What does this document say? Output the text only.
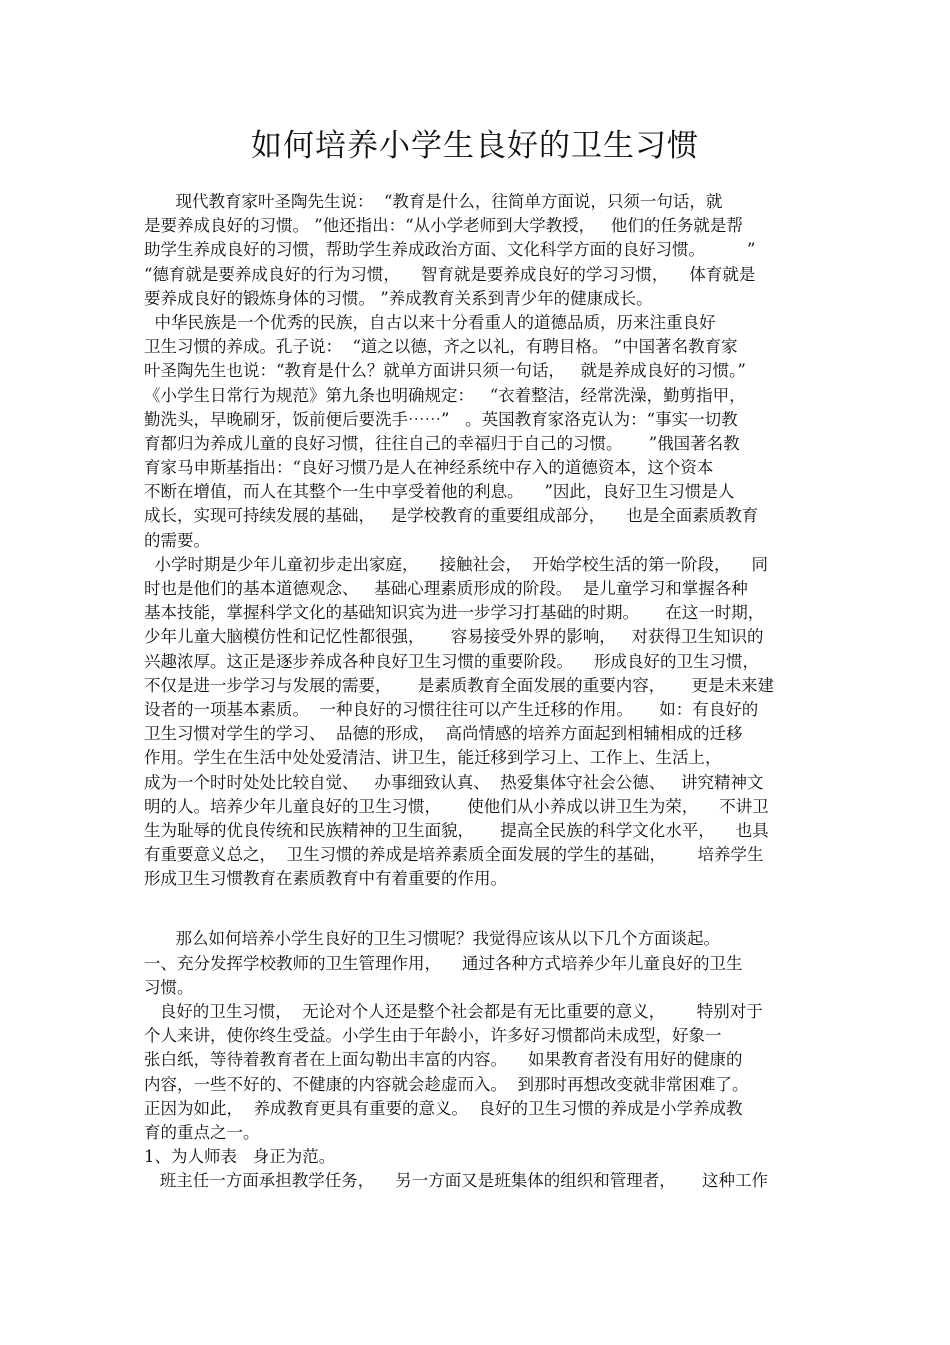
如何培养小学生良好的卫生习惯
现代教育家叶圣陶先生说：  “教育是什么，往简单方面说，只须一句话，就
是要养成良好的习惯。 ”他还指出：“从小学老师到大学教授，   他们的任务就是帮
助学生养成良好的习惯，帮助学生养成政治方面、文化科学方面的良好习惯。        ”
“德育就是要养成良好的行为习惯，    智育就是要养成良好的学习习惯，    体育就是
要养成良好的锻炼身体的习惯。 ”养成教育关系到青少年的健康成长。
中华民族是一个优秀的民族，自古以来十分看重人的道德品质，历来注重良好
卫生习惯的养成。孔子说：  “道之以德，齐之以礼，有聘目格。 ”中国著名教育家
叶圣陶先生也说：“教育是什么？就单方面讲只须一句话，   就是养成良好的习惯。”
《小学生日常行为规范》第九条也明确规定：   “衣着整洁，经常洗澡，勤剪指甲，
勤洗头，早晚刷牙，饭前便后要洗手⋯⋯”   。英国教育家洛克认为：“事实一切教
育都归为养成儿童的良好习惯，往往自己的幸福归于自己的习惯。     ”俄国著名教
育家马申斯基指出：“良好习惯乃是人在神经系统中存入的道德资本，这个资本
不断在增值，而人在其整个一生中享受着他的利息。    ”因此，良好卫生习惯是人
成长，实现可持续发展的基础，   是学校教育的重要组成部分，    也是全面素质教育
的需要。
小学时期是少年儿童初步走出家庭，    接触社会，  开始学校生活的第一阶段，    同
时也是他们的基本道德观念、   基础心理素质形成的阶段。  是儿童学习和掌握各种
基本技能，掌握科学文化的基础知识宾为进一步学习打基础的时期。     在这一时期，
少年儿童大脑模仿性和记忆性都很强，     容易接受外界的影响，   对获得卫生知识的
兴趣浓厚。这正是逐步养成各种良好卫生习惯的重要阶段。    形成良好的卫生习惯，
不仅是进一步学习与发展的需要，     是素质教育全面发展的重要内容，     更是未来建
设者的一项基本素质。  一种良好的习惯往往可以产生迁移的作用。     如：有良好的
卫生习惯对学生的学习、  品德的形成，  高尚情感的培养方面起到相辅相成的迁移
作用。学生在生活中处处爱清洁、讲卫生，能迁移到学习上、工作上、生活上，
成为一个时时处处比较自觉、   办事细致认真、  热爱集体守社会公德、   讲究精神文
明的人。培养少年儿童良好的卫生习惯，     使他们从小养成以讲卫生为荣，    不讲卫
生为耻辱的优良传统和民族精神的卫生面貌，     提高全民族的科学文化水平，    也具
有重要意义总之，  卫生习惯的养成是培养素质全面发展的学生的基础，      培养学生
形成卫生习惯教育在素质教育中有着重要的作用。
那么如何培养小学生良好的卫生习惯呢？我觉得应该从以下几个方面谈起。
一、充分发挥学校教师的卫生管理作用，    通过各种方式培养少年儿童良好的卫生
习惯。
良好的卫生习惯，  无论对个人还是整个社会都是有无比重要的意义，      特别对于
个人来讲，使你终生受益。小学生由于年龄小，许多好习惯都尚未成型，好象一
张白纸，等待着教育者在上面勾勒出丰富的内容。    如果教育者没有用好的健康的
内容，一些不好的、不健康的内容就会趁虚而入。  到那时再想改变就非常困难了。
正因为如此，  养成教育更具有重要的意义。  良好的卫生习惯的养成是小学养成教
育的重点之一。
1、为人师表   身正为范。
班主任一方面承担教学任务，    另一方面又是班集体的组织和管理者，     这种工作
